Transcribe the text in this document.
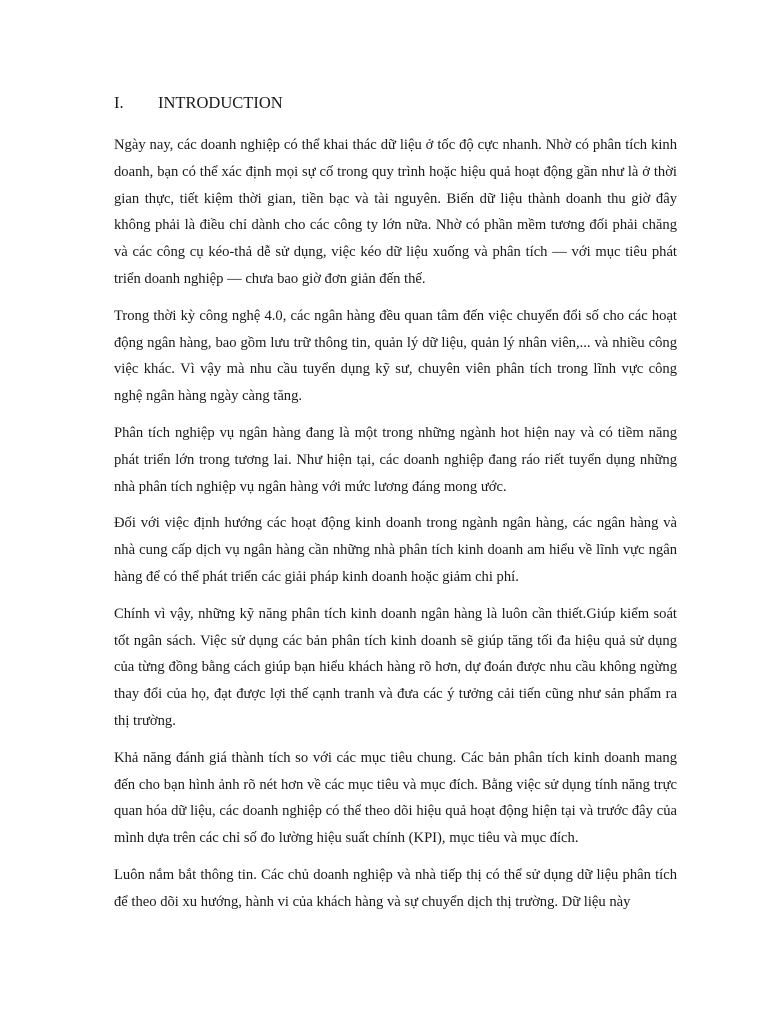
I.	INTRODUCTION

Ngày nay, các doanh nghiệp có thể khai thác dữ liệu ở tốc độ cực nhanh. Nhờ có phân tích kinh doanh, bạn có thể xác định mọi sự cố trong quy trình hoặc hiệu quả hoạt động gần như là ở thời gian thực, tiết kiệm thời gian, tiền bạc và tài nguyên. Biến dữ liệu thành doanh thu giờ đây không phải là điều chỉ dành cho các công ty lớn nữa. Nhờ có phần mềm tương đối phải chăng và các công cụ kéo-thả dễ sử dụng, việc kéo dữ liệu xuống và phân tích — với mục tiêu phát triển doanh nghiệp — chưa bao giờ đơn giản đến thế.

Trong thời kỳ công nghệ 4.0, các ngân hàng đều quan tâm đến việc chuyển đổi số cho các hoạt động ngân hàng, bao gồm lưu trữ thông tin, quản lý dữ liệu, quản lý nhân viên,... và nhiều công việc khác. Vì vậy mà nhu cầu tuyển dụng kỹ sư, chuyên viên phân tích trong lĩnh vực công nghệ ngân hàng ngày càng tăng.

Phân tích nghiệp vụ ngân hàng đang là một trong những ngành hot hiện nay và có tiềm năng phát triển lớn trong tương lai. Như hiện tại, các doanh nghiệp đang ráo riết tuyển dụng những nhà phân tích nghiệp vụ ngân hàng với mức lương đáng mong ước.

Đối với việc định hướng các hoạt động kinh doanh trong ngành ngân hàng, các ngân hàng và nhà cung cấp dịch vụ ngân hàng cần những nhà phân tích kinh doanh am hiểu về lĩnh vực ngân hàng để có thể phát triển các giải pháp kinh doanh hoặc giảm chi phí.

Chính vì vậy, những kỹ năng phân tích kinh doanh ngân hàng là luôn cần thiết.Giúp kiểm soát tốt ngân sách. Việc sử dụng các bản phân tích kinh doanh sẽ giúp tăng tối đa hiệu quả sử dụng của từng đồng bằng cách giúp bạn hiểu khách hàng rõ hơn, dự đoán được nhu cầu không ngừng thay đổi của họ, đạt được lợi thế cạnh tranh và đưa các ý tưởng cải tiến cũng như sản phẩm ra thị trường.

Khả năng đánh giá thành tích so với các mục tiêu chung. Các bản phân tích kinh doanh mang đến cho bạn hình ảnh rõ nét hơn về các mục tiêu và mục đích. Bằng việc sử dụng tính năng trực quan hóa dữ liệu, các doanh nghiệp có thể theo dõi hiệu quả hoạt động hiện tại và trước đây của mình dựa trên các chỉ số đo lường hiệu suất chính (KPI), mục tiêu và mục đích.

Luôn nắm bắt thông tin. Các chủ doanh nghiệp và nhà tiếp thị có thể sử dụng dữ liệu phân tích để theo dõi xu hướng, hành vi của khách hàng và sự chuyển dịch thị trường. Dữ liệu này
